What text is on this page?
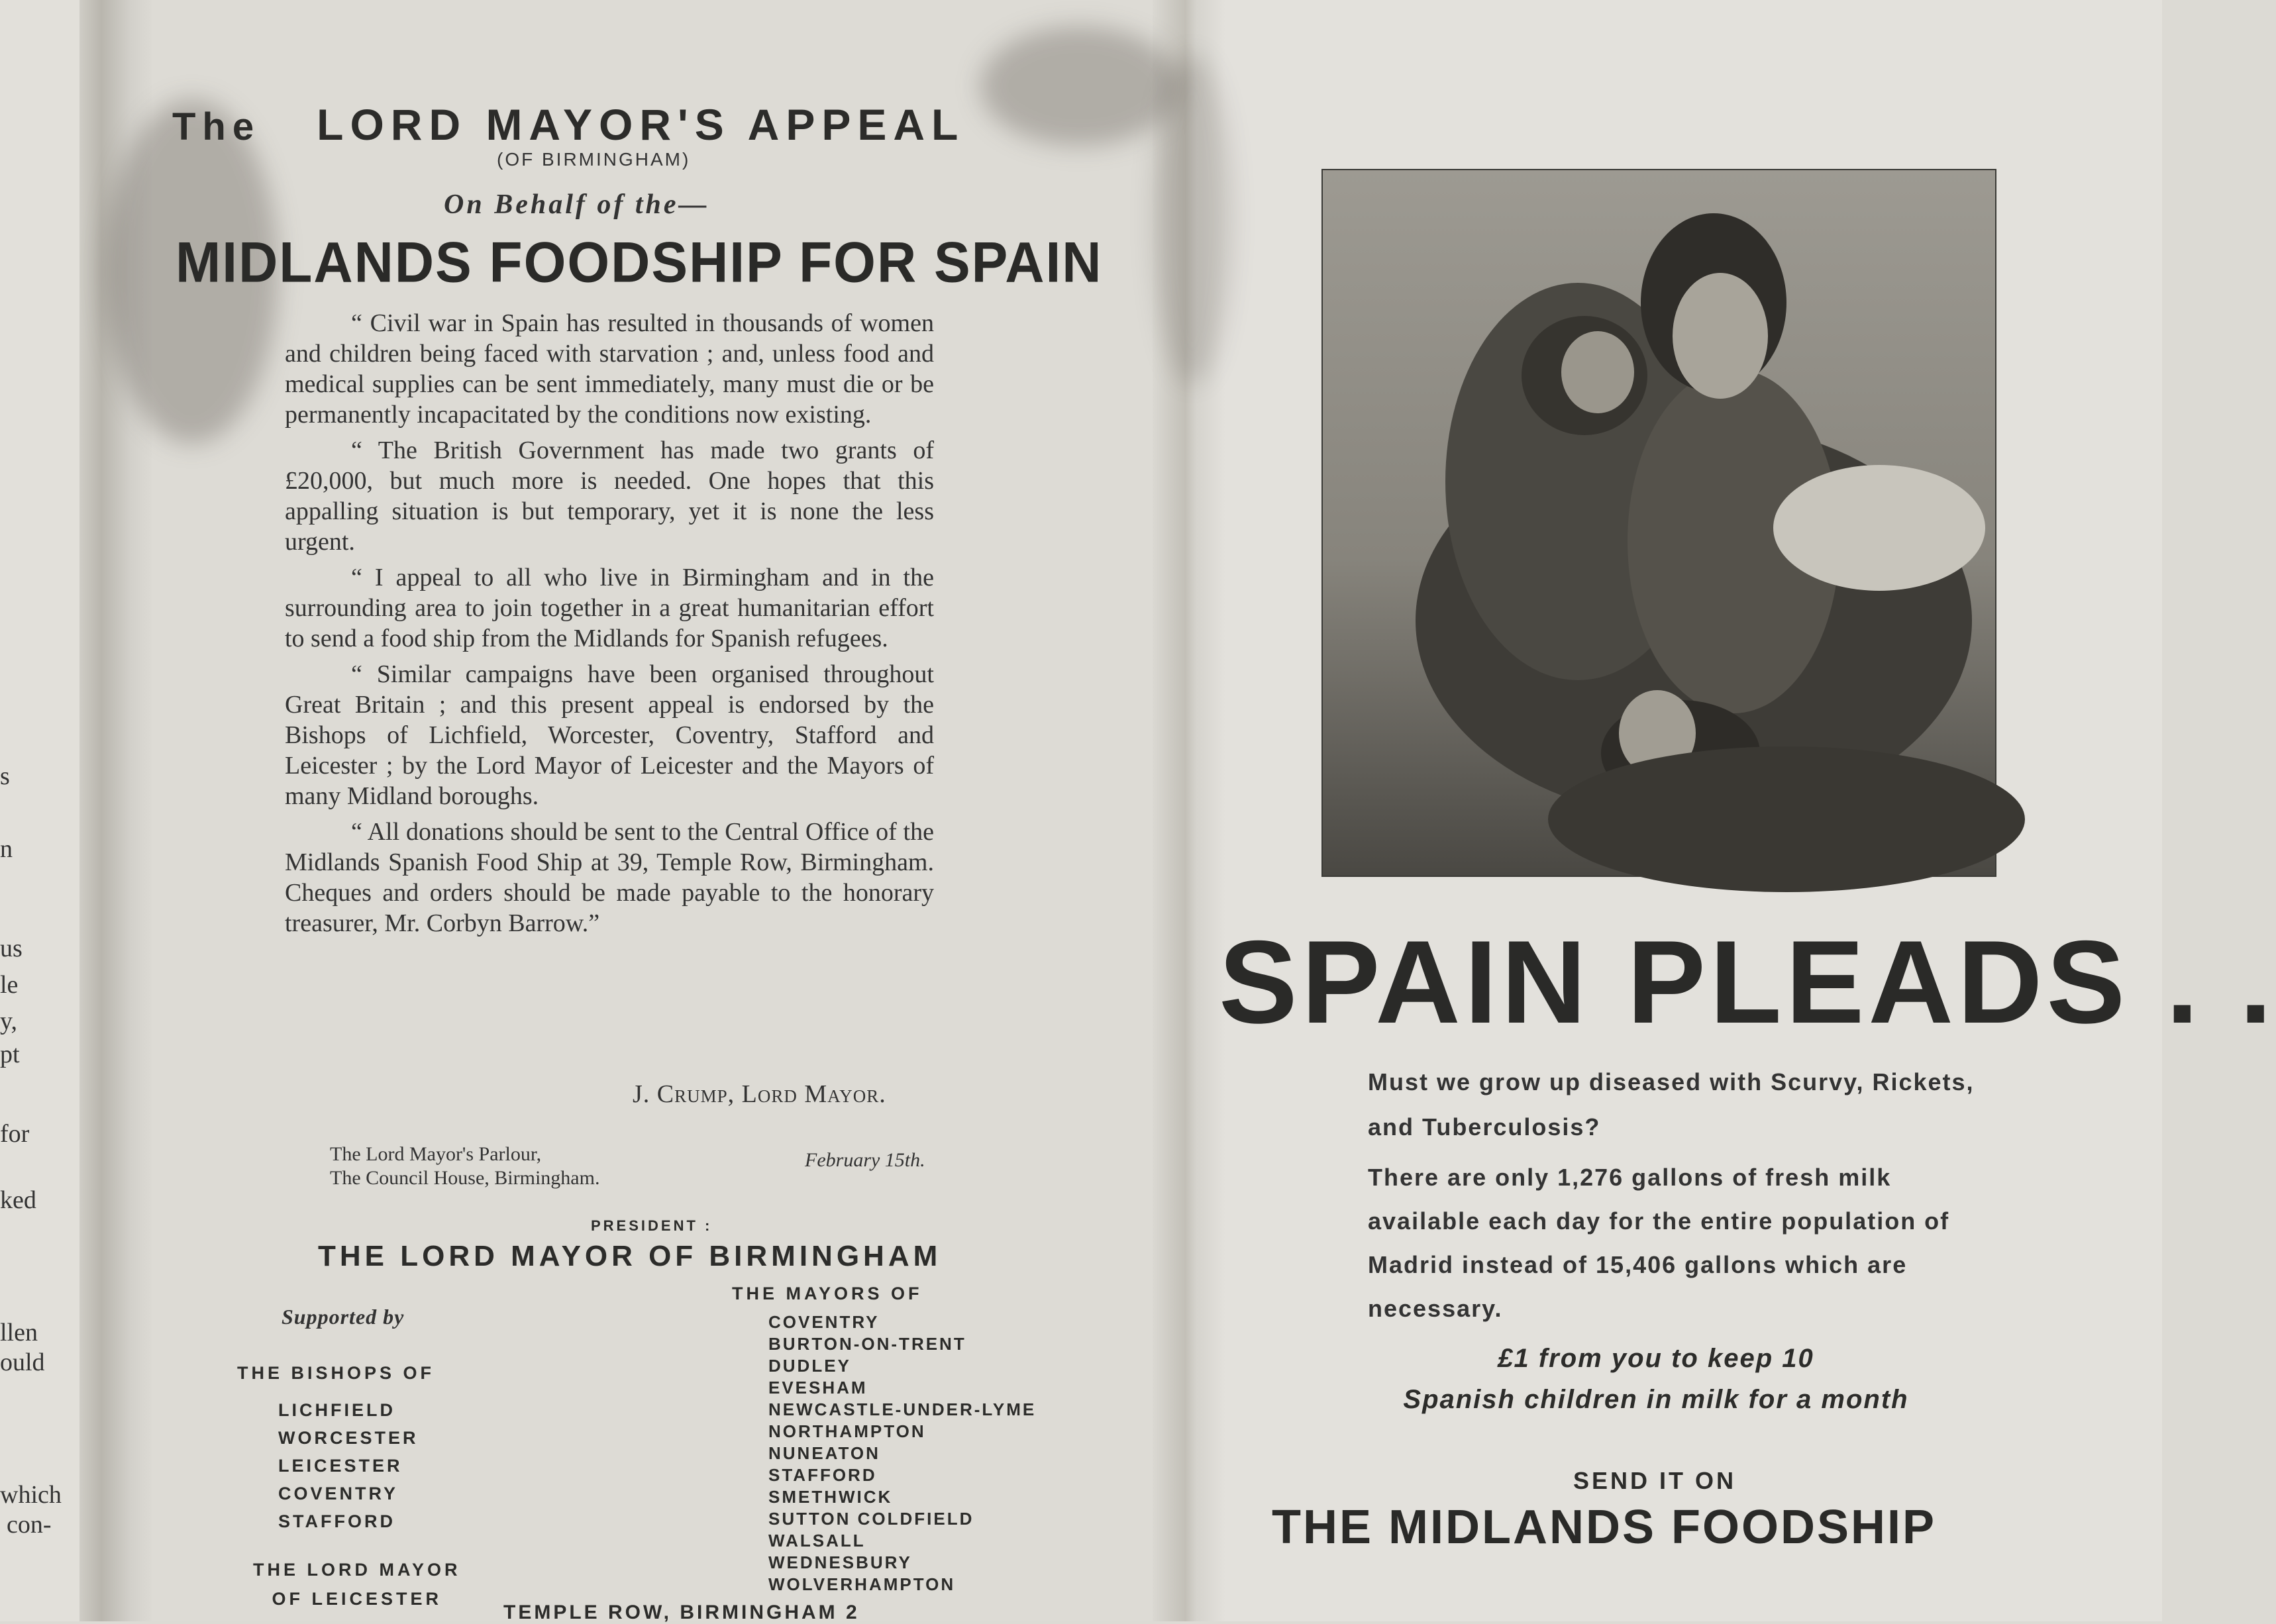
s
n
us
le
y,
pt
for
ked
llen
ould
which
con-
The LORD MAYOR'S APPEAL
(OF BIRMINGHAM)
On Behalf of the—
MIDLANDS FOODSHIP FOR SPAIN

“ Civil war in Spain has resulted in thousands of women and children being faced with starvation ; and, unless food and medical supplies can be sent immediately, many must die or be permanently incapacitated by the conditions now existing.

“ The British Government has made two grants of £20,000, but much more is needed. One hopes that this appalling situation is but temporary, yet it is none the less urgent.

“ I appeal to all who live in Birmingham and in the surrounding area to join together in a great humanitarian effort to send a food ship from the Midlands for Spanish refugees.

“ Similar campaigns have been organised throughout Great Britain ; and this present appeal is endorsed by the Bishops of Lichfield, Worcester, Coventry, Stafford and Leicester ; by the Lord Mayor of Leicester and the Mayors of many Midland boroughs.

“ All donations should be sent to the Central Office of the Midlands Spanish Food Ship at 39, Temple Row, Birmingham. Cheques and orders should be made payable to the honorary treasurer, Mr. Corbyn Barrow.”

J. Crump, Lord Mayor.
The Lord Mayor's Parlour,
The Council House, Birmingham.
February 15th.
PRESIDENT :
THE LORD MAYOR OF BIRMINGHAM
Supported by
THE BISHOPS OF
LICHFIELD
WORCESTER
LEICESTER
COVENTRY
STAFFORD
THE LORD MAYOR
OF LEICESTER
THE MAYORS OF
COVENTRY
BURTON-ON-TRENT
DUDLEY
EVESHAM
NEWCASTLE-UNDER-LYME
NORTHAMPTON
NUNEATON
STAFFORD
SMETHWICK
SUTTON COLDFIELD
WALSALL
WEDNESBURY
WOLVERHAMPTON
TEMPLE ROW, BIRMINGHAM 2
SPAIN PLEADS . .
Must we grow up diseased with Scurvy, Rickets, and Tuberculosis?
There are only 1,276 gallons of fresh milk available each day for the entire population of Madrid instead of 15,406 gallons which are necessary.
£1 from you to keep 10
Spanish children in milk for a month
SEND IT ON
THE MIDLANDS FOODSHIP
